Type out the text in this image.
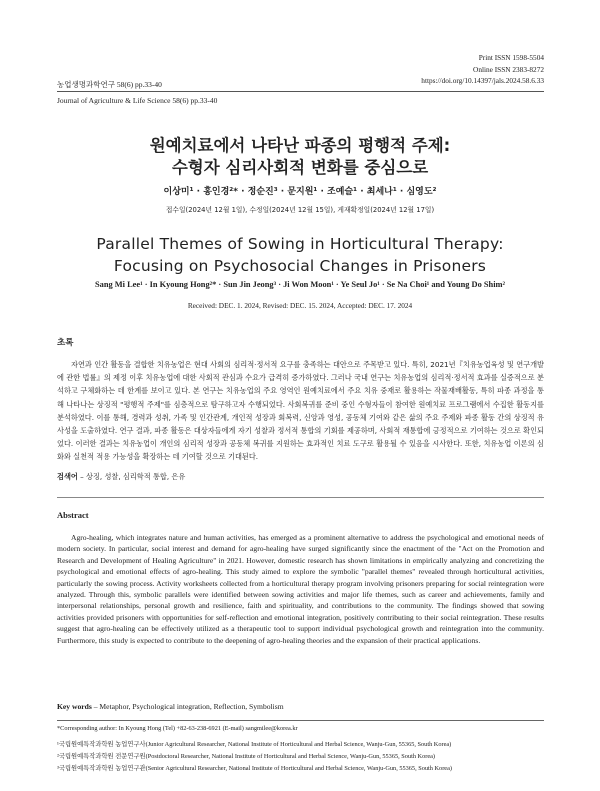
Print ISSN 1598-5504
Online ISSN 2383-8272
https://doi.org/10.14397/jals.2024.58.6.33
농업생명과학연구 58(6) pp.33-40
Journal of Agriculture & Life Science 58(6) pp.33-40
원예치료에서 나타난 파종의 평행적 주제:
수형자 심리사회적 변화를 중심으로
이상미¹ · 홍인경²* · 정순진³ · 문지원¹ · 조예슬¹ · 최세나¹ · 심영도²
접수일(2024년 12월 1일), 수정일(2024년 12월 15일), 게재확정일(2024년 12월 17일)
Parallel Themes of Sowing in Horticultural Therapy:
Focusing on Psychosocial Changes in Prisoners
Sang Mi Lee¹ · In Kyoung Hong²* · Sun Jin Jeong³ · Ji Won Moon¹ · Ye Seul Jo¹ · Se Na Choi¹ and Young Do Shim²
Received: DEC. 1. 2024, Revised: DEC. 15. 2024, Accepted: DEC. 17. 2024
초록
자연과 인간 활동을 결합한 치유농업은 현대 사회의 심리적·정서적 요구를 충족하는 대안으로 주목받고 있다. 특히, 2021년『치유농업육성 및 연구개발에 관한 법률』의 제정 이후 치유농업에 대한 사회적 관심과 수요가 급격히 증가하였다. 그러나 국내 연구는 치유농업의 심리적·정서적 효과를 실증적으로 분석하고 구체화하는 데 한계를 보이고 있다. 본 연구는 치유농업의 주요 영역인 원예치료에서 주요 치유 중재로 활용하는 작물재배활동, 특히 파종 과정을 통해 나타나는 상징적 "평행적 주제"를 심층적으로 탐구하고자 수행되었다. 사회복귀를 준비 중인 수형자들이 참여한 원예치료 프로그램에서 수집한 활동지를 분석하였다. 이를 통해, 경력과 성취, 가족 및 인간관계, 개인적 성장과 회복력, 신앙과 영성, 공동체 기여와 같은 삶의 주요 주제와 파종 활동 간의 상징적 유사성을 도출하였다. 연구 결과, 파종 활동은 대상자들에게 자기 성찰과 정서적 통합의 기회를 제공하며, 사회적 재통합에 긍정적으로 기여하는 것으로 확인되었다. 이러한 결과는 치유농업이 개인의 심리적 성장과 공동체 복귀를 지원하는 효과적인 치료 도구로 활용될 수 있음을 시사한다. 또한, 치유농업 이론의 심화와 실천적 적용 가능성을 확장하는 데 기여할 것으로 기대된다.
검색어 – 상징, 성찰, 심리학적 통합, 은유
Abstract
Agro-healing, which integrates nature and human activities, has emerged as a prominent alternative to address the psychological and emotional needs of modern society. In particular, social interest and demand for agro-healing have surged significantly since the enactment of the "Act on the Promotion and Research and Development of Healing Agriculture" in 2021. However, domestic research has shown limitations in empirically analyzing and concretizing the psychological and emotional effects of agro-healing. This study aimed to explore the symbolic "parallel themes" revealed through horticultural activities, particularly the sowing process. Activity worksheets collected from a horticultural therapy program involving prisoners preparing for social reintegration were analyzed. Through this, symbolic parallels were identified between sowing activities and major life themes, such as career and achievements, family and interpersonal relationships, personal growth and resilience, faith and spirituality, and contributions to the community. The findings showed that sowing activities provided prisoners with opportunities for self-reflection and emotional integration, positively contributing to their social reintegration. These results suggest that agro-healing can be effectively utilized as a therapeutic tool to support individual psychological growth and reintegration into the community. Furthermore, this study is expected to contribute to the deepening of agro-healing theories and the expansion of their practical applications.
Key words – Metaphor, Psychological integration, Reflection, Symbolism
*Corresponding author: In Kyoung Hong (Tel) +82-63-238-6921 (E-mail) sangmilee@korea.kr
¹국립원예특작과학원 농업연구사(Junior Agricultural Researcher, National Institute of Horticultural and Herbal Science, Wanju-Gun, 55365, South Korea)
²국립원예특작과학원 전문연구원(Postdoctoral Researcher, National Institute of Horticultural and Herbal Science, Wanju-Gun, 55365, South Korea)
³국립원예특작과학원 농업연구관(Senior Agricultural Researcher, National Institute of Horticultural and Herbal Science, Wanju-Gun, 55365, South Korea)
